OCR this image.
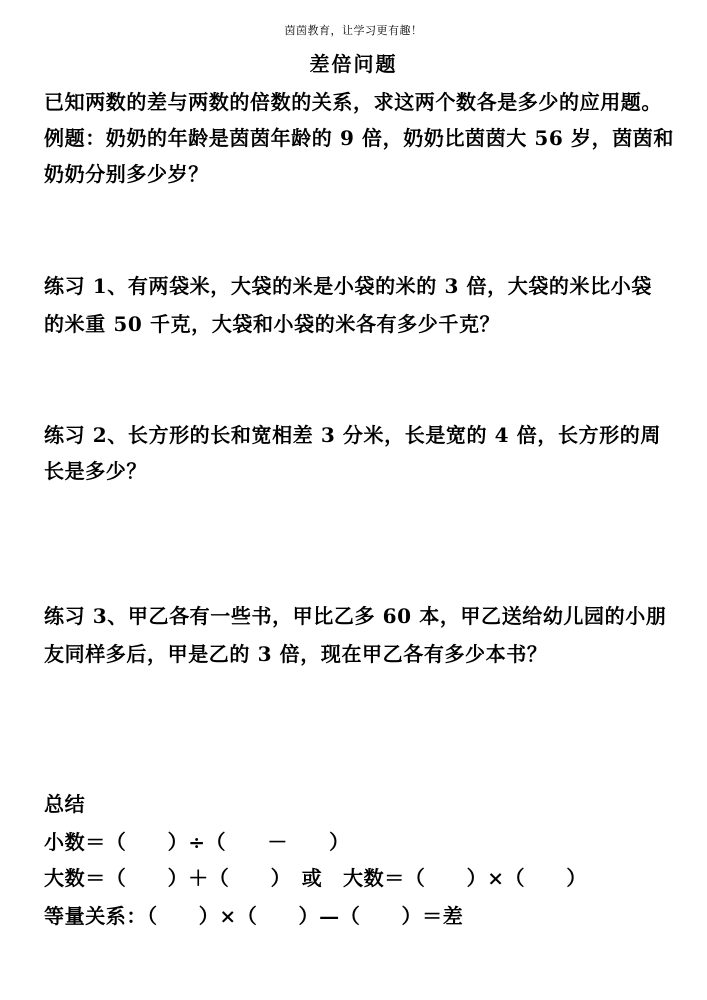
茵茵教育，让学习更有趣！
差倍问题
已知两数的差与两数的倍数的关系，求这两个数各是多少的应用题。
例题：奶奶的年龄是茵茵年龄的 9 倍，奶奶比茵茵大 56 岁，茵茵和
奶奶分别多少岁？
练习 1、有两袋米，大袋的米是小袋的米的 3 倍，大袋的米比小袋
的米重 50 千克，大袋和小袋的米各有多少千克？
练习 2、长方形的长和宽相差 3 分米，长是宽的 4 倍，长方形的周
长是多少？
练习 3、甲乙各有一些书，甲比乙多 60 本，甲乙送给幼儿园的小朋
友同样多后，甲是乙的 3 倍，现在甲乙各有多少本书？
总结
小数＝（　　）÷（　　－　　）
大数＝（　　）＋（　　）　或　大数＝（　　）×（　　）
等量关系：（　　）×（　　）—（　　）＝差
